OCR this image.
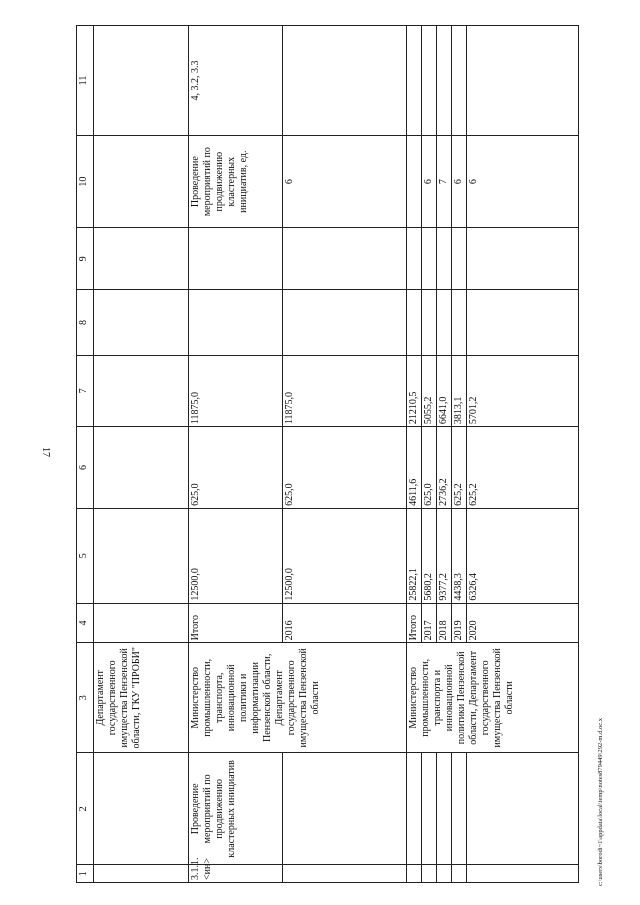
17
c:\users\borodi~1\appdata\local\temp\notes879449\292-m.d.oc.x
1	2	3	4	5	6	7	8	9	10	11
		Департамент государственного имущества Пензенской области, ГКУ "ПРОБИ"								
3.1.1. <ин>	Проведение мероприятий по продвижению кластерных инициатив	Министерство промышленности, транспорта, инновационной политики и информатизации Пензенской области, Департамент государственного имущества Пензенской области	Итого	12500,0	625,0	11875,0			Проведение мероприятий по продвижению кластерных инициатив, ед.	4, 3.2, 3.3
			2016	12500,0	625,0	11875,0			6	
		Министерство промышленности, транспорта и инновационной политики Пензенской области, Департамент государственного имущества Пензенской области	Итого	25822,1	4611,6	21210,5				
			2017	5680,2	625,0	5055,2			6	
			2018	9377,2	2736,2	6641,0			7	
			2019	4438,3	625,2	3813,1			6	
			2020	6326,4	625,2	5701,2			6	
